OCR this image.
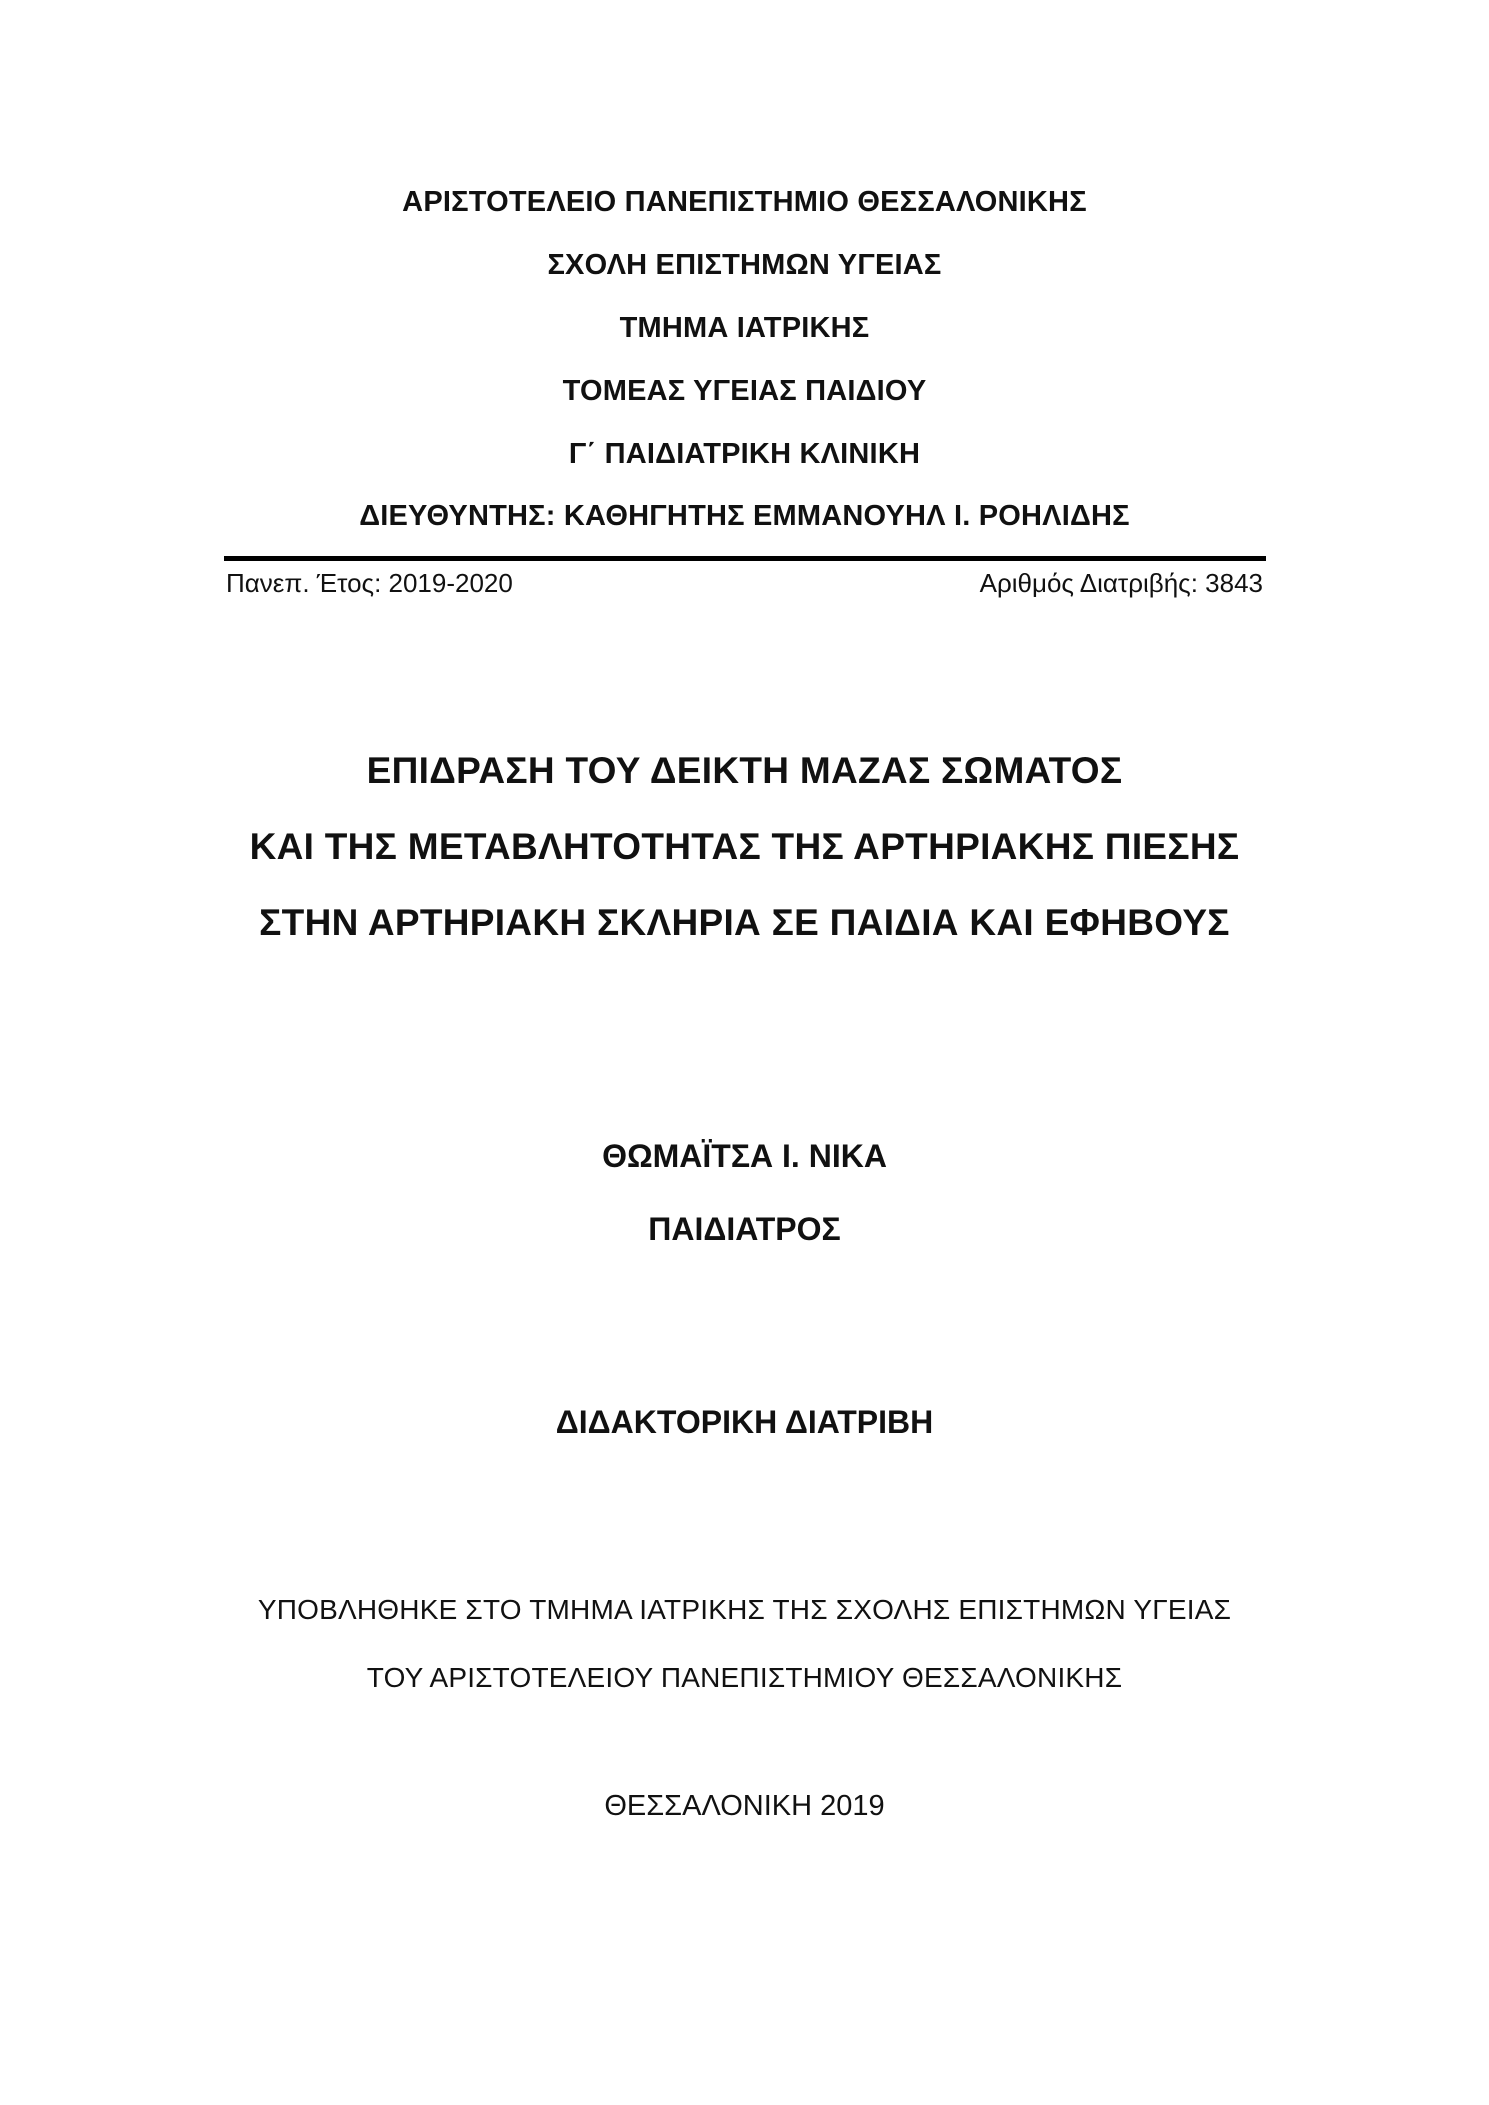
ΑΡΙΣΤΟΤΕΛΕΙΟ ΠΑΝΕΠΙΣΤΗΜΙΟ ΘΕΣΣΑΛΟΝΙΚΗΣ
ΣΧΟΛΗ ΕΠΙΣΤΗΜΩΝ ΥΓΕΙΑΣ
ΤΜΗΜΑ ΙΑΤΡΙΚΗΣ
ΤΟΜΕΑΣ ΥΓΕΙΑΣ ΠΑΙΔΙΟΥ
Γ΄ ΠΑΙΔΙΑΤΡΙΚΗ ΚΛΙΝΙΚΗ
ΔΙΕΥΘΥΝΤΗΣ: ΚΑΘΗΓΗΤΗΣ ΕΜΜΑΝΟΥΗΛ Ι. ΡΟΗΛΙΔΗΣ
Πανεπ. Έτος: 2019-2020	Αριθμός Διατριβής: 3843
ΕΠΙΔΡΑΣΗ ΤΟΥ ΔΕΙΚΤΗ ΜΑΖΑΣ ΣΩΜΑΤΟΣ
ΚΑΙ ΤΗΣ ΜΕΤΑΒΛΗΤΟΤΗΤΑΣ ΤΗΣ ΑΡΤΗΡΙΑΚΗΣ ΠΙΕΣΗΣ
ΣΤΗΝ ΑΡΤΗΡΙΑΚΗ ΣΚΛΗΡΙΑ ΣΕ ΠΑΙΔΙΑ ΚΑΙ ΕΦΗΒΟΥΣ
ΘΩΜΑΪΤΣΑ Ι. ΝΙΚΑ
ΠΑΙΔΙΑΤΡΟΣ
ΔΙΔΑΚΤΟΡΙΚΗ ΔΙΑΤΡΙΒΗ
ΥΠΟΒΛΗΘΗΚΕ ΣΤΟ ΤΜΗΜΑ ΙΑΤΡΙΚΗΣ ΤΗΣ ΣΧΟΛΗΣ ΕΠΙΣΤΗΜΩΝ ΥΓΕΙΑΣ
ΤΟΥ ΑΡΙΣΤΟΤΕΛΕΙΟΥ ΠΑΝΕΠΙΣΤΗΜΙΟΥ ΘΕΣΣΑΛΟΝΙΚΗΣ
ΘΕΣΣΑΛΟΝΙΚΗ 2019
